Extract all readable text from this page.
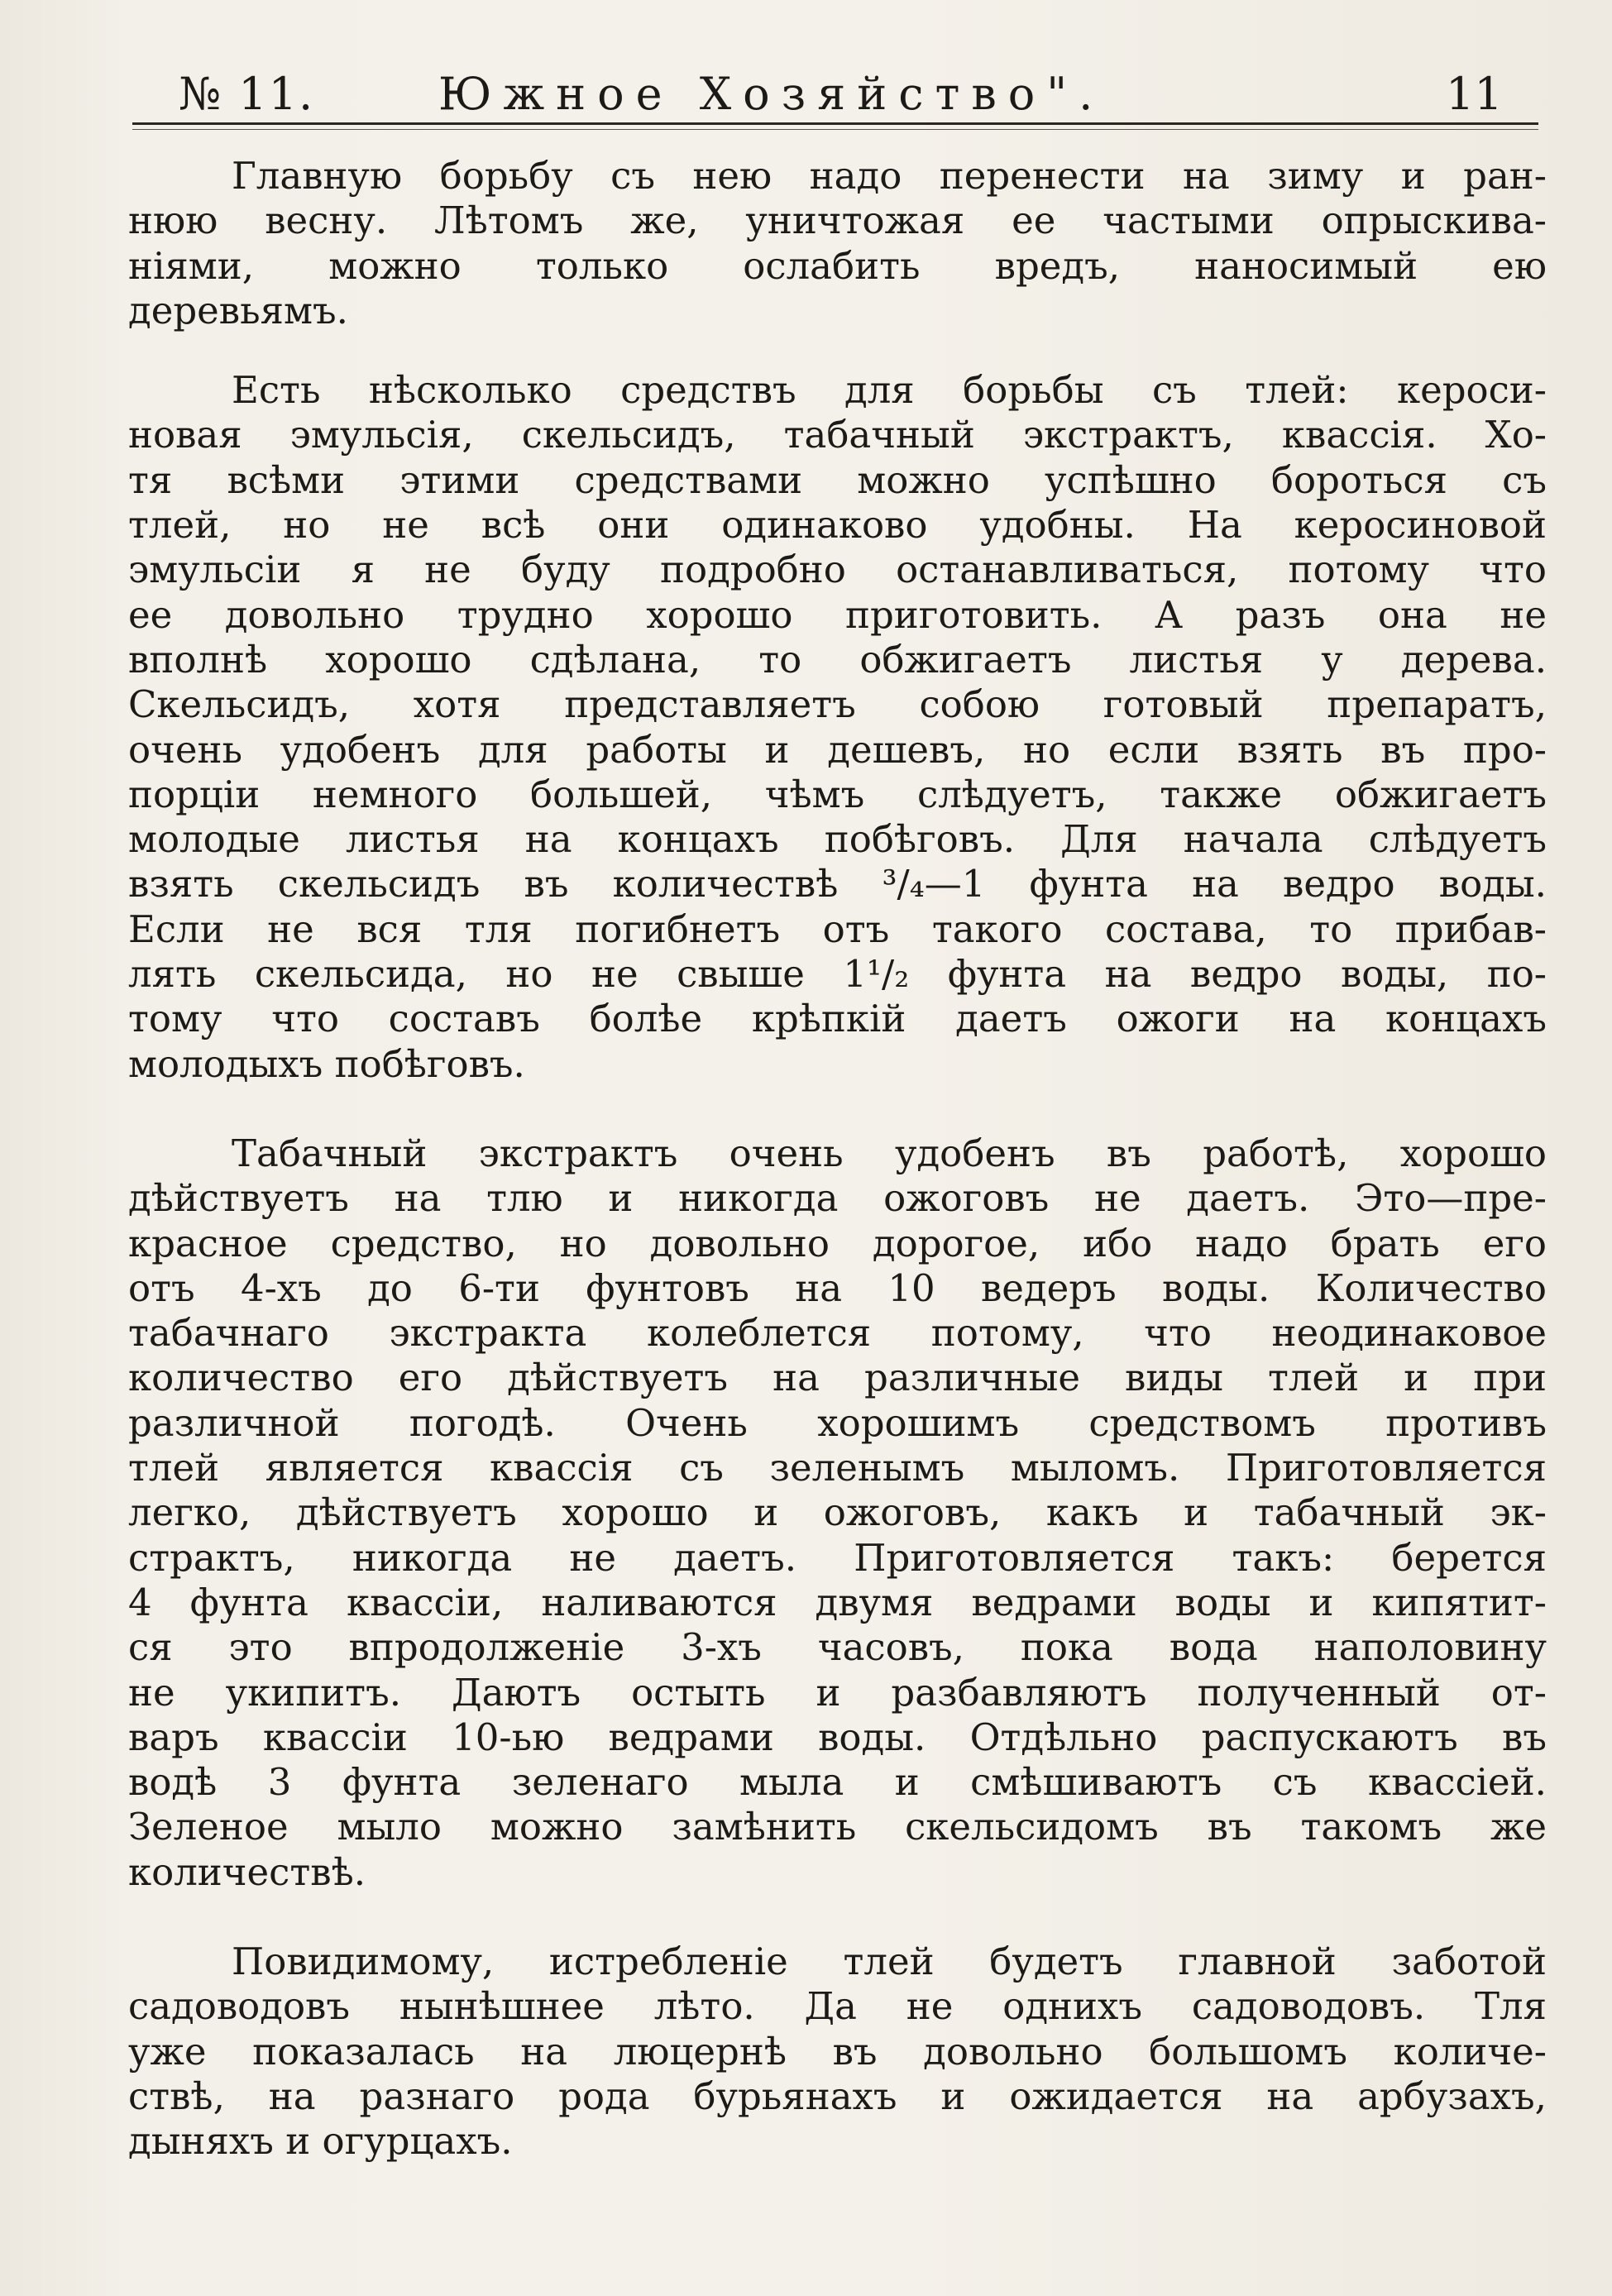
№ 11.	Южное Хозяйство".	11

Главную борьбу съ нею надо перенести на зиму и ран-
нюю весну. Лѣтомъ же, уничтожая ее частыми опрыскива-
ніями, можно только ослабить вредъ, наносимый ею
деревьямъ.

Есть нѣсколько средствъ для борьбы съ тлей: кероси-
новая эмульсія, скельсидъ, табачный экстрактъ, квассія. Хо-
тя всѣми этими средствами можно успѣшно бороться съ
тлей, но не всѣ они одинаково удобны. На керосиновой
эмульсіи я не буду подробно останавливаться, потому что
ее довольно трудно хорошо приготовить. А разъ она не
вполнѣ хорошо сдѣлана, то обжигаетъ листья у дерева.
Скельсидъ, хотя представляетъ собою готовый препаратъ,
очень удобенъ для работы и дешевъ, но если взять въ про-
порціи немного большей, чѣмъ слѣдуетъ, также обжигаетъ
молодые листья на концахъ побѣговъ. Для начала слѣдуетъ
взять скельсидъ въ количествѣ ³/₄—1 фунта на ведро воды.
Если не вся тля погибнетъ отъ такого состава, то прибав-
лять скельсида, но не свыше 1¹/₂ фунта на ведро воды, по-
тому что составъ болѣе крѣпкій даетъ ожоги на концахъ
молодыхъ побѣговъ.

Табачный экстрактъ очень удобенъ въ работѣ, хорошо
дѣйствуетъ на тлю и никогда ожоговъ не даетъ. Это—пре-
красное средство, но довольно дорогое, ибо надо брать его
отъ 4-хъ до 6-ти фунтовъ на 10 ведеръ воды. Количество
табачнаго экстракта колеблется потому, что неодинаковое
количество его дѣйствуетъ на различные виды тлей и при
различной погодѣ. Очень хорошимъ средствомъ противъ
тлей является квассія съ зеленымъ мыломъ. Приготовляется
легко, дѣйствуетъ хорошо и ожоговъ, какъ и табачный эк-
страктъ, никогда не даетъ. Приготовляется такъ: берется
4 фунта квассіи, наливаются двумя ведрами воды и кипятит-
ся это впродолженіе 3-хъ часовъ, пока вода наполовину
не укипитъ. Даютъ остыть и разбавляютъ полученный от-
варъ квассіи 10-ью ведрами воды. Отдѣльно распускаютъ въ
водѣ 3 фунта зеленаго мыла и смѣшиваютъ съ квассіей.
Зеленое мыло можно замѣнить скельсидомъ въ такомъ же
количествѣ.

Повидимому, истребленіе тлей будетъ главной заботой
садоводовъ нынѣшнее лѣто. Да не однихъ садоводовъ. Тля
уже показалась на люцернѣ въ довольно большомъ количе-
ствѣ, на разнаго рода бурьянахъ и ожидается на арбузахъ,
дыняхъ и огурцахъ.
